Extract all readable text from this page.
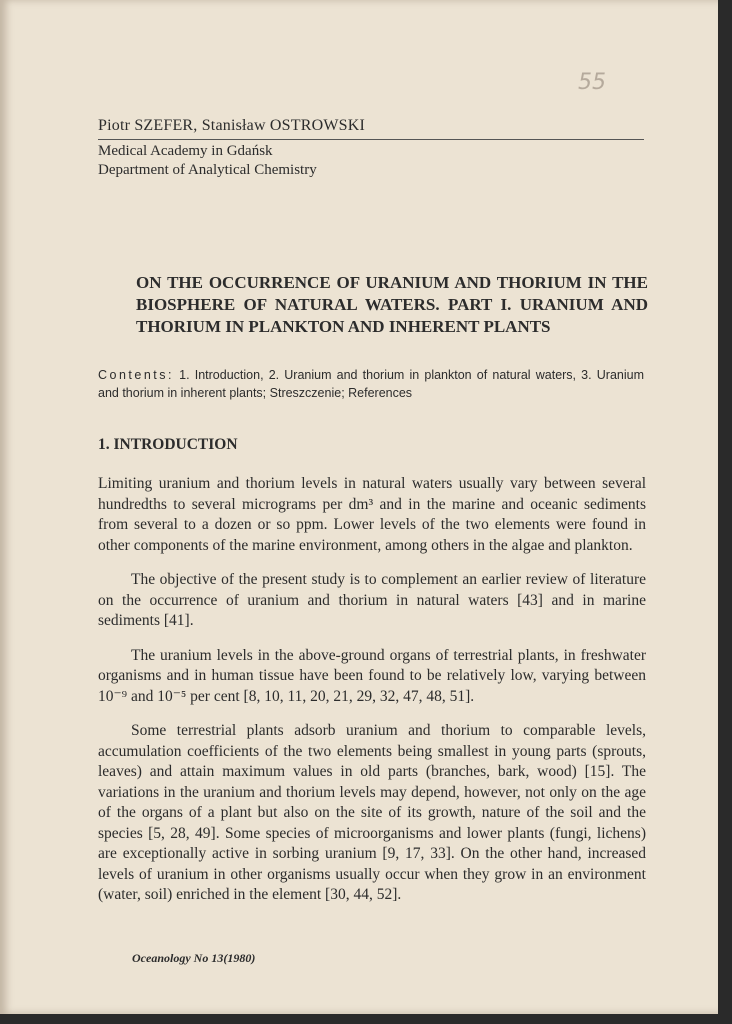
55
Piotr SZEFER, Stanisław OSTROWSKI
Medical Academy in Gdańsk
Department of Analytical Chemistry
ON THE OCCURRENCE OF URANIUM AND THORIUM IN THE BIOSPHERE OF NATURAL WATERS. PART I. URANIUM AND THORIUM IN PLANKTON AND INHERENT PLANTS
Contents: 1. Introduction, 2. Uranium and thorium in plankton of natural waters, 3. Uranium and thorium in inherent plants; Streszczenie; References
1. INTRODUCTION

Limiting uranium and thorium levels in natural waters usually vary between several hundredths to several micrograms per dm³ and in the marine and oceanic sediments from several to a dozen or so ppm. Lower levels of the two elements were found in other components of the marine environment, among others in the algae and plankton.

The objective of the present study is to complement an earlier review of literature on the occurrence of uranium and thorium in natural waters [43] and in marine sediments [41].

The uranium levels in the above-ground organs of terrestrial plants, in freshwater organisms and in human tissue have been found to be relatively low, varying between 10⁻⁹ and 10⁻⁵ per cent [8, 10, 11, 20, 21, 29, 32, 47, 48, 51].

Some terrestrial plants adsorb uranium and thorium to comparable levels, accumulation coefficients of the two elements being smallest in young parts (sprouts, leaves) and attain maximum values in old parts (branches, bark, wood) [15]. The variations in the uranium and thorium levels may depend, however, not only on the age of the organs of a plant but also on the site of its growth, nature of the soil and the species [5, 28, 49]. Some species of microorganisms and lower plants (fungi, lichens) are exceptionally active in sorbing uranium [9, 17, 33]. On the other hand, increased levels of uranium in other organisms usually occur when they grow in an environment (water, soil) enriched in the element [30, 44, 52].

Oceanology No 13(1980)
